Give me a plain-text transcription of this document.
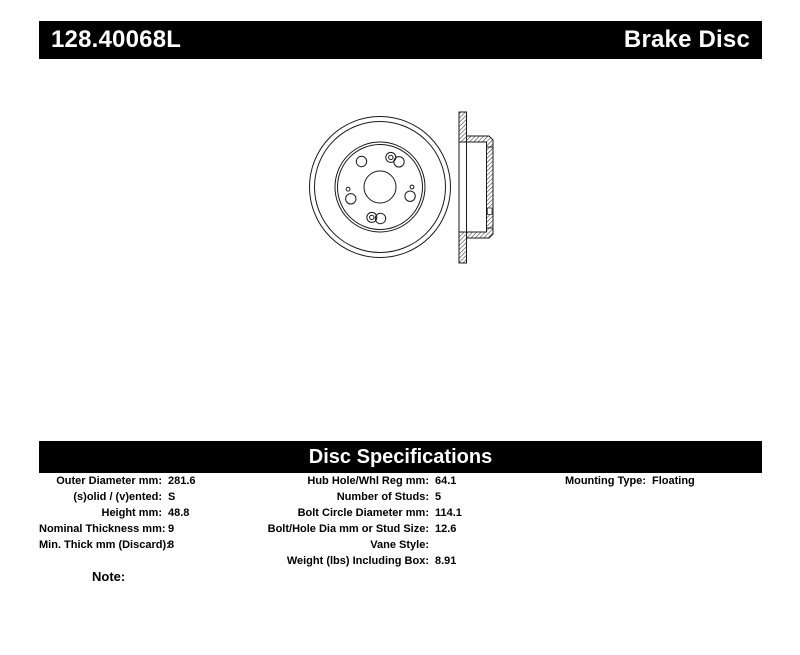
128.40068L	Brake Disc
Disc Specifications
Outer Diameter mm: 281.6
(s)olid / (v)ented: S
Height mm: 48.8
Nominal Thickness mm: 9
Min. Thick mm (Discard):
8
Hub Hole/Whl Reg mm: 64.1
Number of Studs: 5
Bolt Circle Diameter mm: 114.1
Bolt/Hole Dia mm or Stud Size: 12.6
Vane Style:
Weight (lbs) Including Box: 8.91
Mounting Type: Floating
Note:
